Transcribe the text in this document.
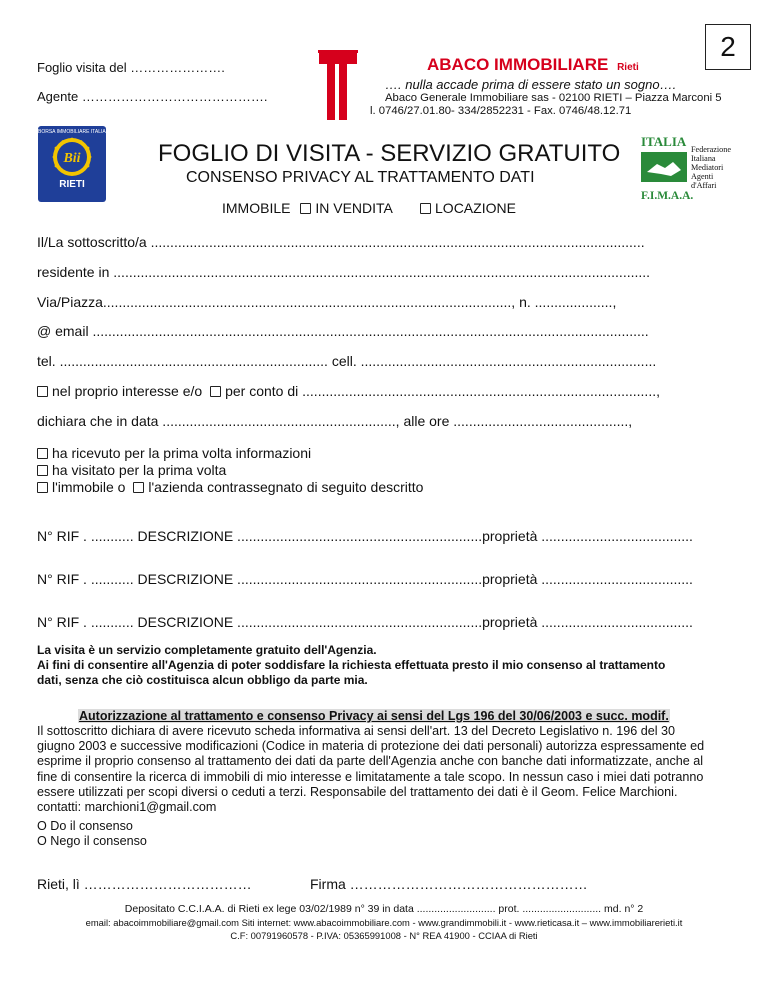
Foglio visita del ………………….
Agente …………………………………….
ABACO IMMOBILIARE Rieti
…. nulla accade prima di essere stato un sogno….
Abaco Generale Immobiliare sas - 02100 RIETI – Piazza Marconi 5
l. 0746/27.01.80- 334/2852231 - Fax. 0746/48.12.71
2
BORSA IMMOBILIARE ITALIANA
Bii
RIETI
ITALIA
Federazione
Italiana
Mediatori
Agenti
d'Affari
F.I.M.A.A.
FOGLIO DI VISITA - SERVIZIO GRATUITO
CONSENSO PRIVACY AL TRATTAMENTO DATI
IMMOBILE IN VENDITA	LOCAZIONE
Il/La sottoscritto/a ...............................................................................................................................
residente in ..........................................................................................................................................
Via/Piazza........................................................................................................., n. ....................,
@ email ...............................................................................................................................................
tel. ..................................................................... cell. ............................................................................
nel proprio interesse e/o per conto di ...........................................................................................,
dichiara che in data ............................................................, alle ore .............................................,
ha ricevuto per la prima volta informazioni
ha visitato per la prima volta
l'immobile o l'azienda contrassegnato di seguito descritto
N° RIF . ........... DESCRIZIONE ...............................................................proprietà .......................................
N° RIF . ........... DESCRIZIONE ...............................................................proprietà .......................................
N° RIF . ........... DESCRIZIONE ...............................................................proprietà .......................................
La visita è un servizio completamente gratuito dell'Agenzia.
Ai fini di consentire all'Agenzia di poter soddisfare la richiesta effettuata presto il mio consenso al trattamento
dati, senza che ciò costituisca alcun obbligo da parte mia.
Autorizzazione al trattamento e consenso Privacy ai sensi del Lgs 196 del 30/06/2003 e succ. modif.
Il sottoscritto dichiara di avere ricevuto scheda informativa ai sensi dell'art. 13 del Decreto Legislativo n. 196 del 30
giugno 2003 e successive modificazioni (Codice in materia di protezione dei dati personali) autorizza espressamente ed
esprime il proprio consenso al trattamento dei dati da parte dell'Agenzia anche con banche dati informatizzate, anche al
fine di consentire la ricerca di immobili di mio interesse e limitatamente a tale scopo. In nessun caso i miei dati potranno
essere utilizzati per scopi diversi o ceduti a terzi. Responsabile del trattamento dei dati è il Geom. Felice Marchioni.
contatti: marchioni1@gmail.com
O Do il consenso
O Nego il consenso
Rieti, lì ………………………………	Firma ……………………………………………
Depositato C.C.I.A.A. di Rieti ex lege 03/02/1989 n° 39 in data ........................... prot. ........................... md. n° 2
email: abacoimmobiliare@gmail.com Siti internet: www.abacoimmobiliare.com - www.grandimmobili.it - www.rieticasa.it – www.immobiliarerieti.it
C.F: 00791960578 - P.IVA: 05365991008 - N° REA 41900 - CCIAA di Rieti
